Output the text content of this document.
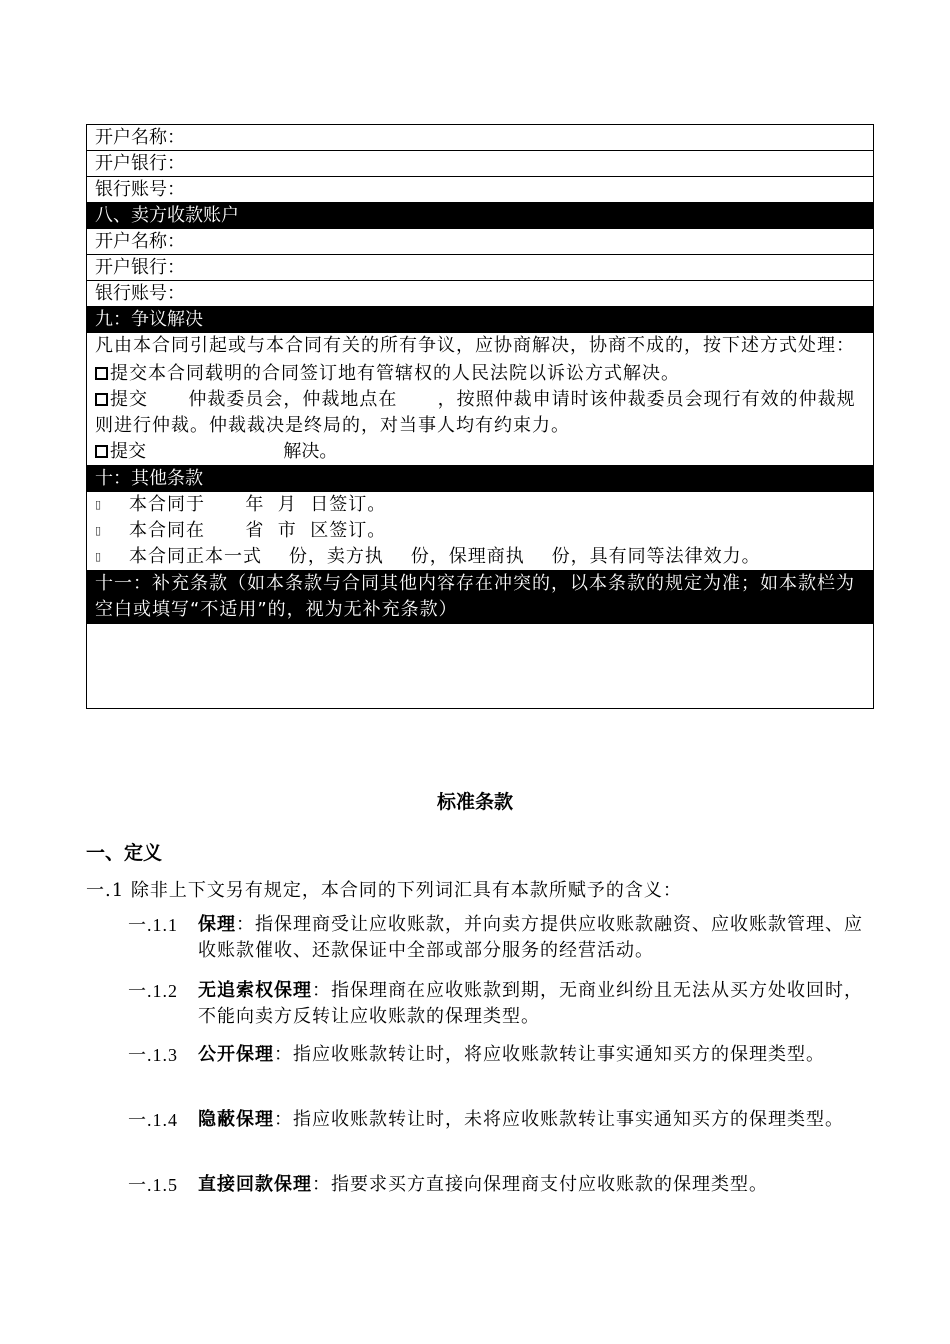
开户名称：
开户银行：
银行账号：
八、卖方收款账户
开户名称：
开户银行：
银行账号：
九：争议解决

凡由本合同引起或与本合同有关的所有争议，应协商解决，协商不成的，按下述方式处理：

提交本合同载明的合同签订地有管辖权的人民法院以诉讼方式解决。

提交      仲裁委员会，仲裁地点在      ，按照仲裁申请时该仲裁委员会现行有效的仲裁规则进行仲裁。仲裁裁决是终局的，对当事人均有约束力。

提交                        解决。

十：其他条款
▯	本合同于      年  月  日签订。
▯	本合同在      省  市  区签订。
▯	本合同正本一式    份，卖方执    份，保理商执    份，具有同等法律效力。
十一：补充条款（如本条款与合同其他内容存在冲突的，以本条款的规定为准；如本款栏为空白或填写“不适用”的，视为无补充条款）
标准条款
一、定义
一.1 除非上下文另有规定，本合同的下列词汇具有本款所赋予的含义：
一.1.1	保理：指保理商受让应收账款，并向卖方提供应收账款融资、应收账款管理、应收账款催收、还款保证中全部或部分服务的经营活动。
一.1.2	无追索权保理：指保理商在应收账款到期，无商业纠纷且无法从买方处收回时，不能向卖方反转让应收账款的保理类型。
一.1.3	公开保理：指应收账款转让时，将应收账款转让事实通知买方的保理类型。
一.1.4	隐蔽保理：指应收账款转让时，未将应收账款转让事实通知买方的保理类型。
一.1.5	直接回款保理：指要求买方直接向保理商支付应收账款的保理类型。
